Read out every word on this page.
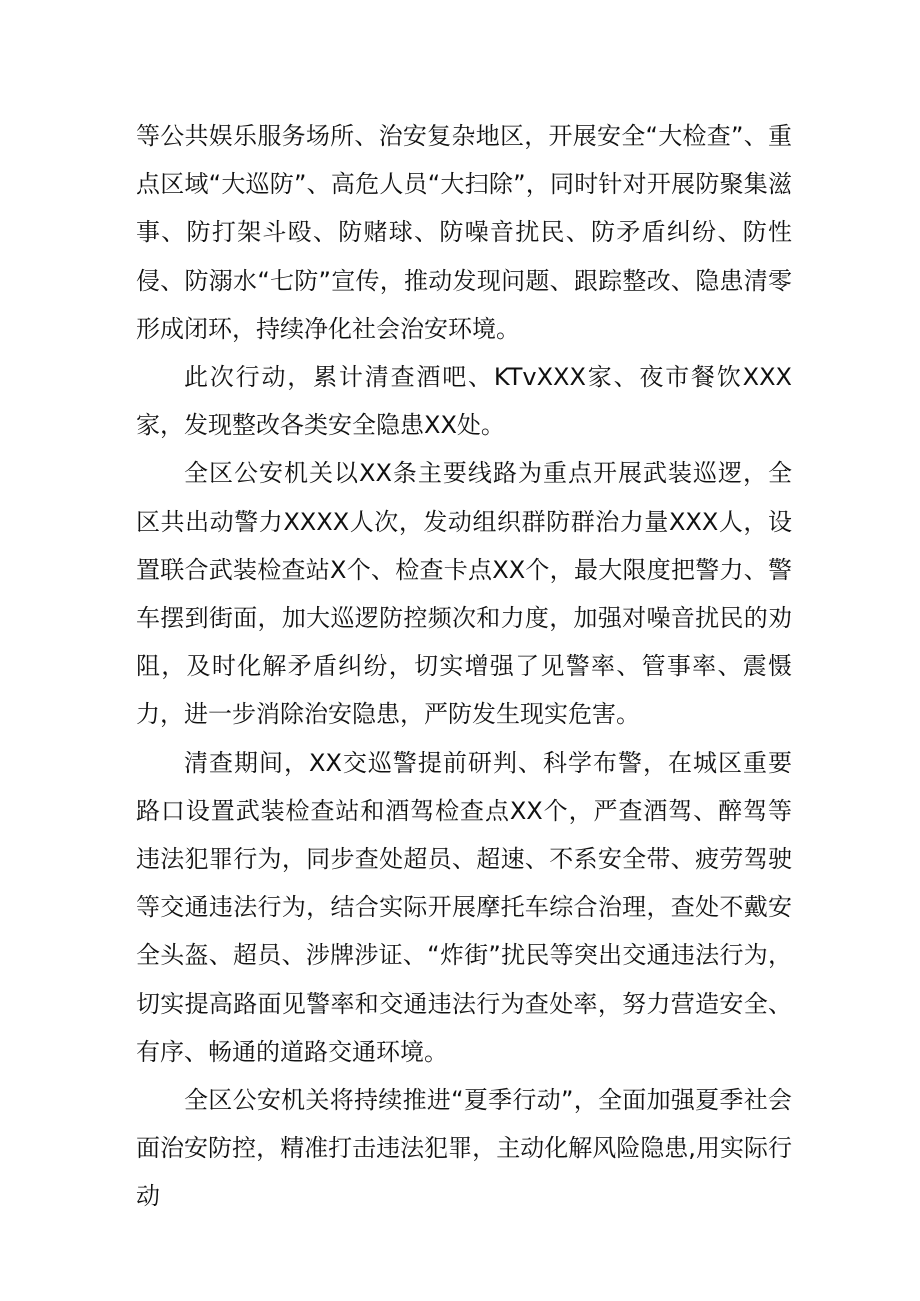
等公共娱乐服务场所、治安复杂地区，开展安全“大检查”、重点区域“大巡防”、高危人员“大扫除”，同时针对开展防聚集滋事、防打架斗殴、防赌球、防噪音扰民、防矛盾纠纷、防性侵、防溺水“七防”宣传，推动发现问题、跟踪整改、隐患清零形成闭环，持续净化社会治安环境。

此次行动，累计清查酒吧、KTvXXX家、夜市餐饮XXX家，发现整改各类安全隐患XX处。

全区公安机关以XX条主要线路为重点开展武装巡逻，全区共出动警力XXXX人次，发动组织群防群治力量XXX人，设置联合武装检查站X个、检查卡点XX个，最大限度把警力、警车摆到街面，加大巡逻防控频次和力度，加强对噪音扰民的劝阻，及时化解矛盾纠纷，切实增强了见警率、管事率、震慑力，进一步消除治安隐患，严防发生现实危害。

清查期间，XX交巡警提前研判、科学布警，在城区重要路口设置武装检查站和酒驾检查点XX个，严查酒驾、醉驾等违法犯罪行为，同步查处超员、超速、不系安全带、疲劳驾驶等交通违法行为，结合实际开展摩托车综合治理，查处不戴安全头盔、超员、涉牌涉证、“炸街”扰民等突出交通违法行为，切实提高路面见警率和交通违法行为查处率，努力营造安全、有序、畅通的道路交通环境。

全区公安机关将持续推进“夏季行动”，全面加强夏季社会面治安防控，精准打击违法犯罪，主动化解风险隐患,用实际行动
